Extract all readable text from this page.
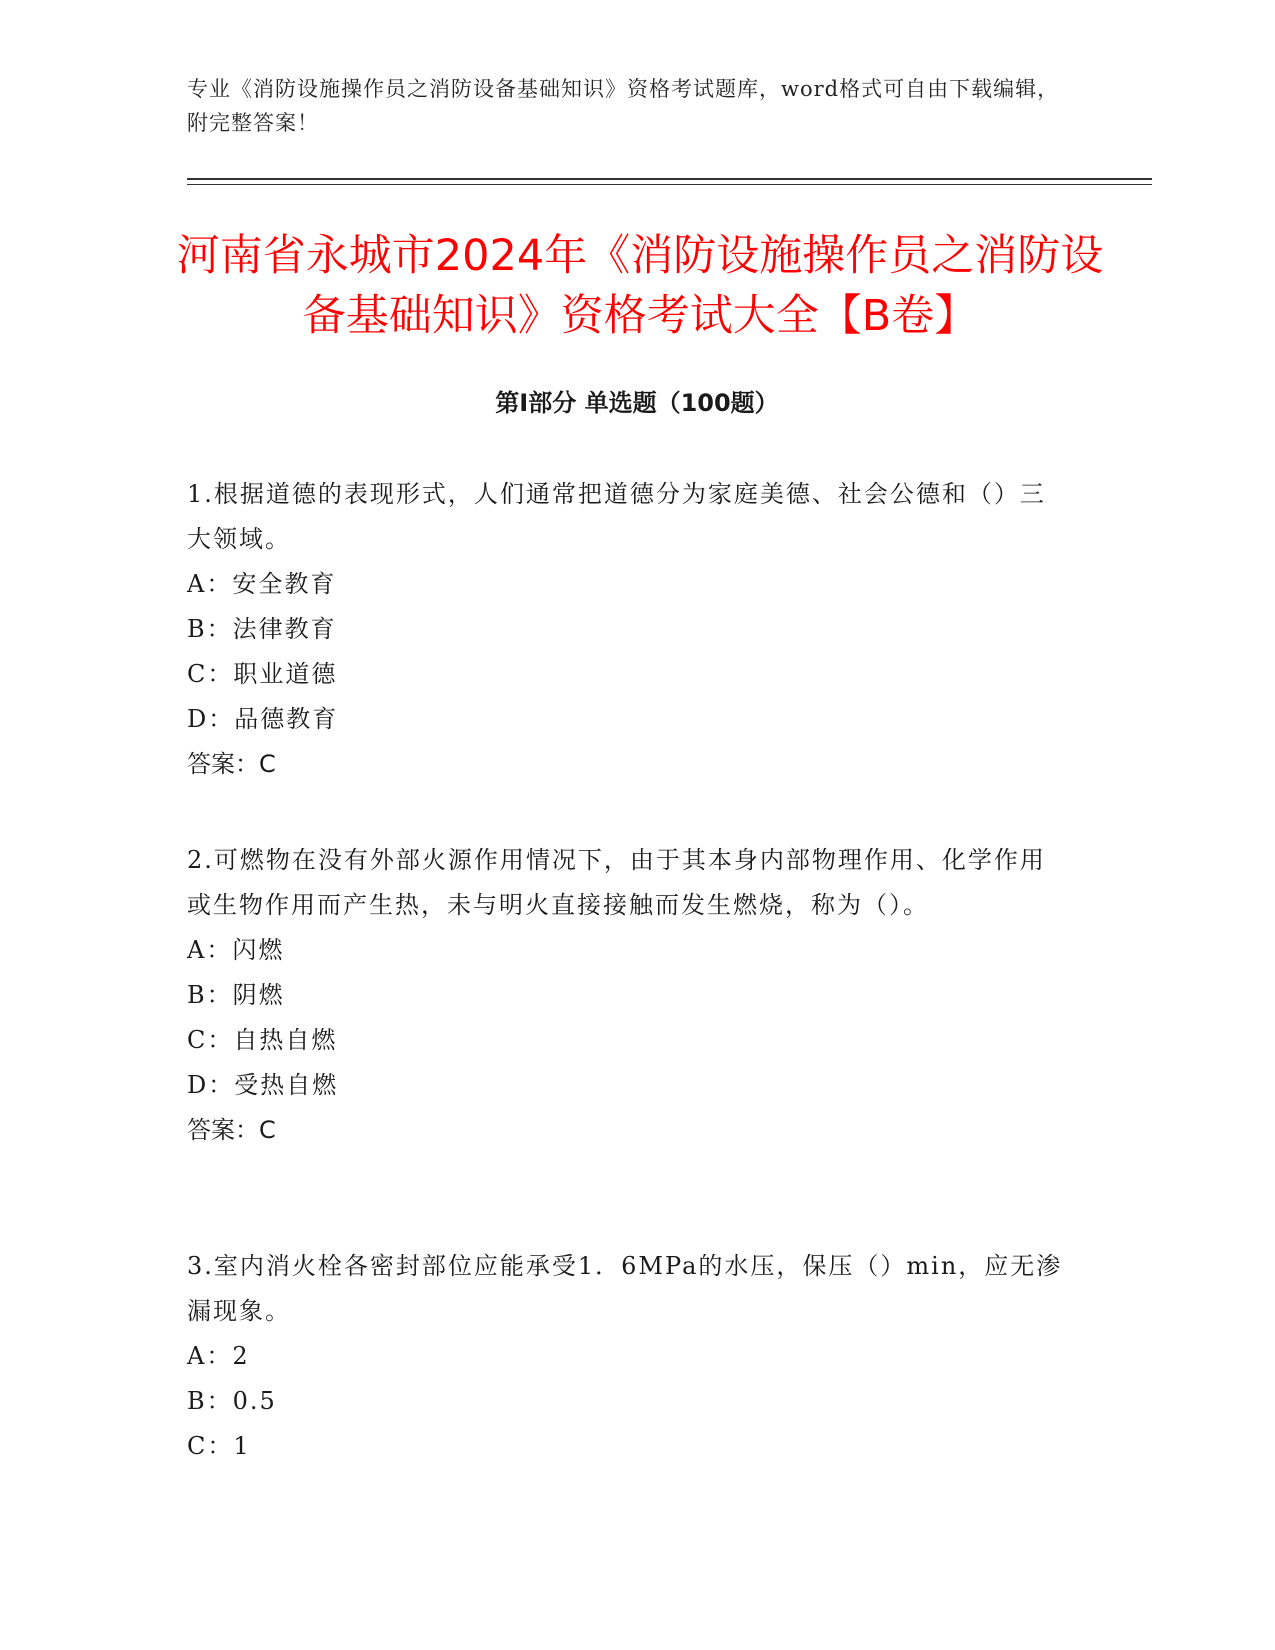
专业《消防设施操作员之消防设备基础知识》资格考试题库，word格式可自由下载编辑，附完整答案！
河南省永城市2024年《消防设施操作员之消防设备基础知识》资格考试大全【B卷】
第Ⅰ部分 单选题（100题）
1.根据道德的表现形式，人们通常把道德分为家庭美德、社会公德和（）三大领域。
A：安全教育
B：法律教育
C：职业道德
D：品德教育
答案：C
2.可燃物在没有外部火源作用情况下，由于其本身内部物理作用、化学作用或生物作用而产生热，未与明火直接接触而发生燃烧，称为（）。
A：闪燃
B：阴燃
C：自热自燃
D：受热自燃
答案：C
3.室内消火栓各密封部位应能承受1．6MPa的水压，保压（）min，应无渗漏现象。
A：2
B：0.5
C：1
